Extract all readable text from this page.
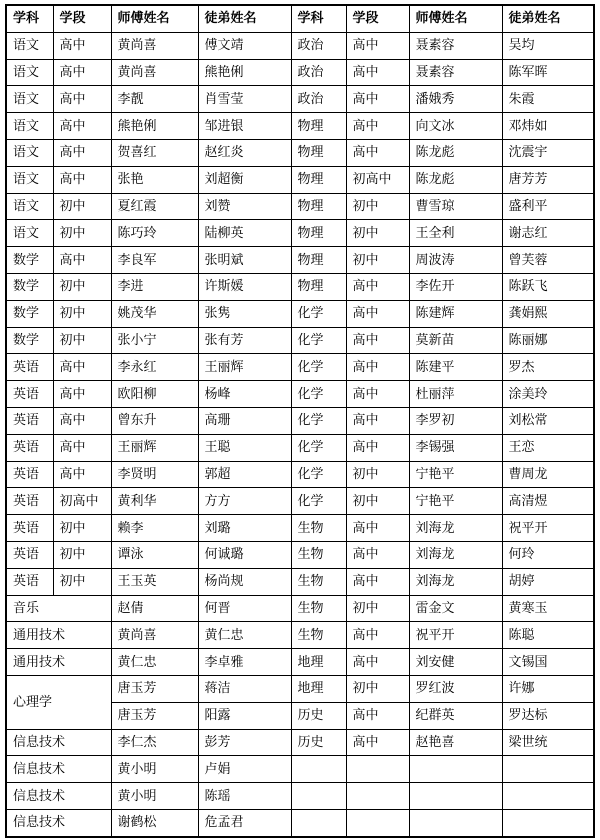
学科	学段	师傅姓名	徒弟姓名	学科	学段	师傅姓名	徒弟姓名
语文	高中	黄尚喜	傅文靖	政治	高中	聂素容	吴均
语文	高中	黄尚喜	熊艳俐	政治	高中	聂素容	陈军晖
语文	高中	李靓	肖雪莹	政治	高中	潘娥秀	朱霞
语文	高中	熊艳俐	邹进银	物理	高中	向文冰	邓炜如
语文	高中	贺喜红	赵红炎	物理	高中	陈龙彪	沈震宇
语文	高中	张艳	刘超衡	物理	初高中	陈龙彪	唐芳芳
语文	初中	夏红霞	刘赞	物理	初中	曹雪琼	盛利平
语文	初中	陈巧玲	陆柳英	物理	初中	王全利	谢志红
数学	高中	李良军	张明斌	物理	初中	周波涛	曾芙蓉
数学	初中	李进	许斯媛	物理	高中	李佐开	陈跃飞
数学	初中	姚茂华	张隽	化学	高中	陈建辉	龚娟熙
数学	初中	张小宁	张有芳	化学	高中	莫新苗	陈丽娜
英语	高中	李永红	王丽辉	化学	高中	陈建平	罗杰
英语	高中	欧阳柳	杨峰	化学	高中	杜丽萍	涂美玲
英语	高中	曾东升	高珊	化学	高中	李罗初	刘松常
英语	高中	王丽辉	王聪	化学	高中	李锡强	王恋
英语	高中	李贤明	郭超	化学	初中	宁艳平	曹周龙
英语	初高中	黄利华	方方	化学	初中	宁艳平	高清煜
英语	初中	赖李	刘璐	生物	高中	刘海龙	祝平开
英语	初中	谭泳	何诚璐	生物	高中	刘海龙	何玲
英语	初中	王玉英	杨尚规	生物	高中	刘海龙	胡婷
音乐		赵倩	何晋	生物	初中	雷金文	黄寒玉
通用技术		黄尚喜	黄仁忠	生物	高中	祝平开	陈聪
通用技术		黄仁忠	李卓雅	地理	高中	刘安健	文锡国
心理学		唐玉芳	蒋洁	地理	初中	罗红波	许娜
		唐玉芳	阳露	历史	高中	纪群英	罗达标
信息技术		李仁杰	彭芳	历史	高中	赵艳喜	梁世统
信息技术		黄小明	卢娟				
信息技术		黄小明	陈瑶				
信息技术		谢鹤松	危孟君				
